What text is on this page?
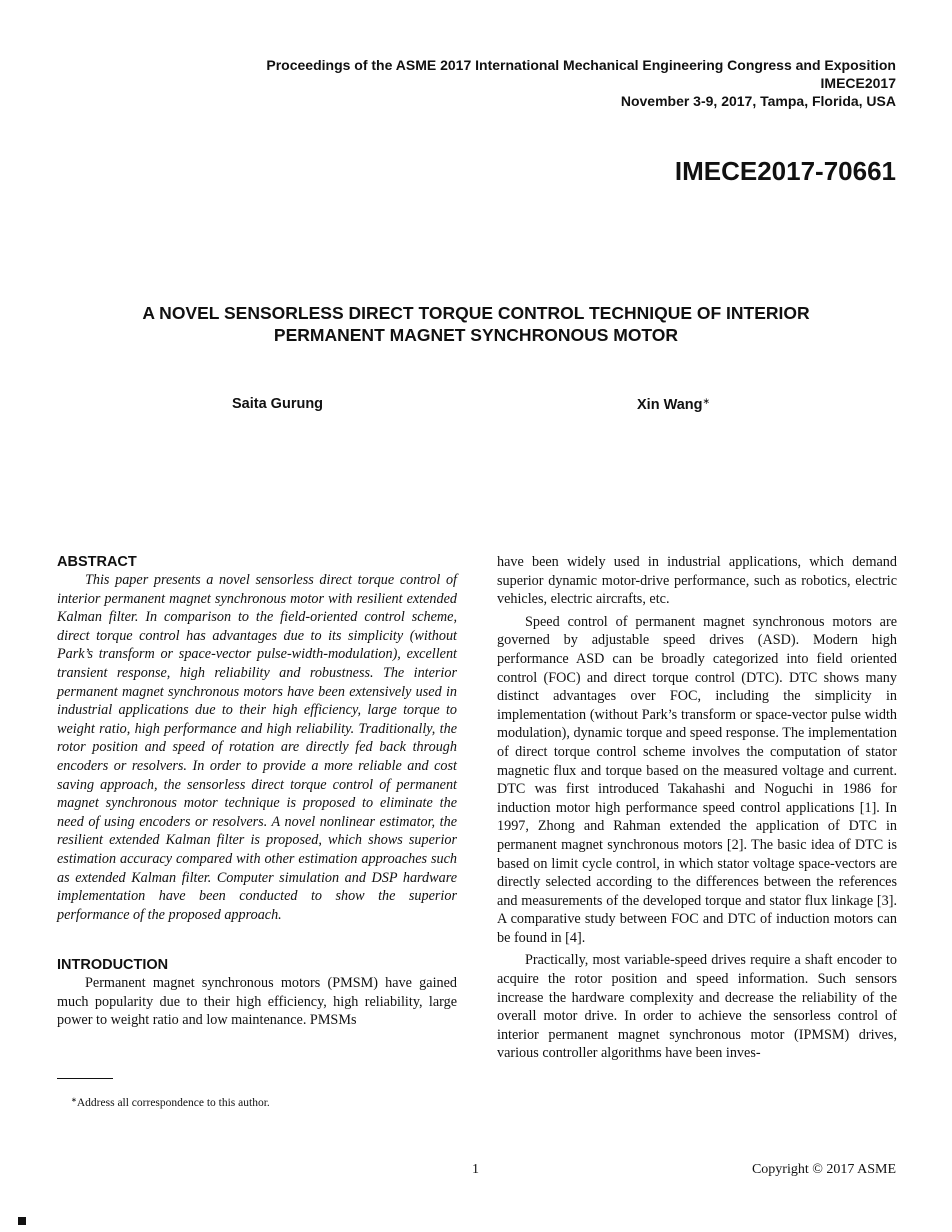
Proceedings of the ASME 2017 International Mechanical Engineering Congress and Exposition
IMECE2017
November 3-9, 2017, Tampa, Florida, USA
IMECE2017-70661
A NOVEL SENSORLESS DIRECT TORQUE CONTROL TECHNIQUE OF INTERIOR
PERMANENT MAGNET SYNCHRONOUS MOTOR
Saita Gurung	Xin Wang∗
ABSTRACT

This paper presents a novel sensorless direct torque control of interior permanent magnet synchronous motor with resilient extended Kalman filter. In comparison to the field-oriented control scheme, direct torque control has advantages due to its simplicity (without Park’s transform or space-vector pulse-width-modulation), excellent transient response, high reliability and robustness. The interior permanent magnet synchronous motors have been extensively used in industrial applications due to their high efficiency, large torque to weight ratio, high performance and high reliability. Traditionally, the rotor position and speed of rotation are directly fed back through encoders or resolvers. In order to provide a more reliable and cost saving approach, the sensorless direct torque control of permanent magnet synchronous motor technique is proposed to eliminate the need of using encoders or resolvers. A novel nonlinear estimator, the resilient extended Kalman filter is proposed, which shows superior estimation accuracy compared with other estimation approaches such as extended Kalman filter. Computer simulation and DSP hardware implementation have been conducted to show the superior performance of the proposed approach.

INTRODUCTION

Permanent magnet synchronous motors (PMSM) have gained much popularity due to their high efficiency, high reliability, large power to weight ratio and low maintenance. PMSMs

have been widely used in industrial applications, which demand superior dynamic motor-drive performance, such as robotics, electric vehicles, electric aircrafts, etc.

Speed control of permanent magnet synchronous motors are governed by adjustable speed drives (ASD). Modern high performance ASD can be broadly categorized into field oriented control (FOC) and direct torque control (DTC). DTC shows many distinct advantages over FOC, including the simplicity in implementation (without Park’s transform or space-vector pulse width modulation), dynamic torque and speed response. The implementation of direct torque control scheme involves the computation of stator magnetic flux and torque based on the measured voltage and current. DTC was first introduced Takahashi and Noguchi in 1986 for induction motor high performance speed control applications [1]. In 1997, Zhong and Rahman extended the application of DTC in permanent magnet synchronous motors [2]. The basic idea of DTC is based on limit cycle control, in which stator voltage space-vectors are directly selected according to the differences between the references and measurements of the developed torque and stator flux linkage [3]. A comparative study between FOC and DTC of induction motors can be found in [4].

Practically, most variable-speed drives require a shaft encoder to acquire the rotor position and speed information. Such sensors increase the hardware complexity and decrease the reliability of the overall motor drive. In order to achieve the sensorless control of interior permanent magnet synchronous motor (IPMSM) drives, various controller algorithms have been inves-

∗Address all correspondence to this author.
1	Copyright © 2017 ASME
